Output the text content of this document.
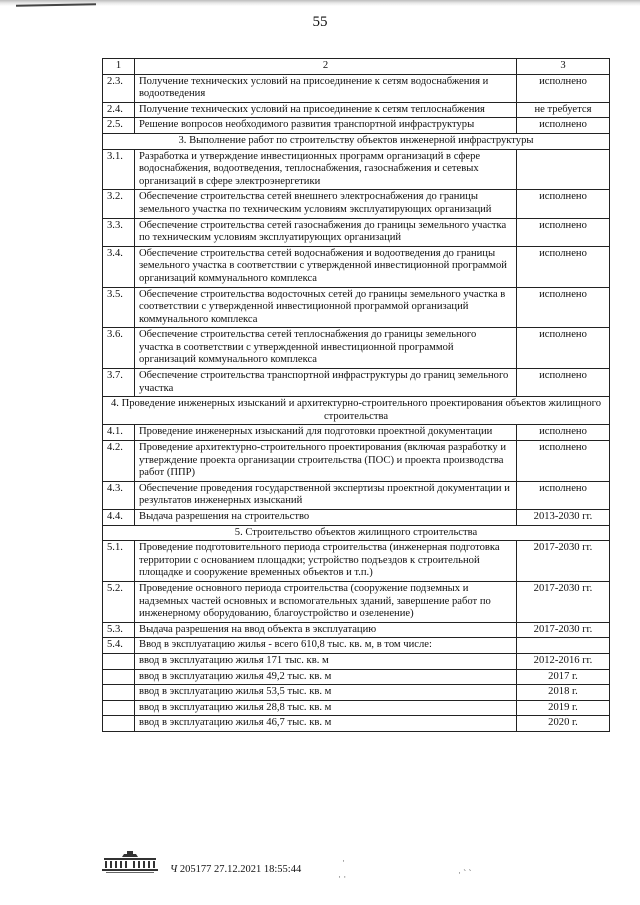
55
1	2	3
2.3.	Получение технических условий на присоединение к сетям водоснабжения и водоотведения	исполнено
2.4.	Получение технических условий на присоединение к сетям теплоснабжения	не требуется
2.5.	Решение вопросов необходимого развития транспортной инфраструктуры	исполнено
3. Выполнение работ по строительству объектов инженерной инфраструктуры		
3.1.	Разработка и утверждение инвестиционных программ организаций в сфере водоснабжения, водоотведения, теплоснабжения, газоснабжения и сетевых организаций в сфере электроэнергетики	
3.2.	Обеспечение строительства сетей внешнего электроснабжения до границы земельного участка по техническим условиям эксплуатирующих организаций	исполнено
3.3.	Обеспечение строительства сетей газоснабжения до границы земельного участка по техническим условиям эксплуатирующих организаций	исполнено
3.4.	Обеспечение строительства сетей водоснабжения и водоотведения до границы земельного участка в соответствии с утвержденной инвестиционной программой организаций коммунального комплекса	исполнено
3.5.	Обеспечение строительства водосточных сетей до границы земельного участка в соответствии с утвержденной инвестиционной программой организаций коммунального комплекса	исполнено
3.6.	Обеспечение строительства сетей теплоснабжения до границы земельного участка в соответствии с утвержденной инвестиционной программой организаций коммунального комплекса	исполнено
3.7.	Обеспечение строительства транспортной инфраструктуры до границ земельного участка	исполнено
4. Проведение инженерных изысканий и архитектурно-строительного проектирования объектов жилищного строительства		
4.1.	Проведение инженерных изысканий для подготовки проектной документации	исполнено
4.2.	Проведение архитектурно-строительного проектирования (включая разработку и утверждение проекта организации строительства (ПОС) и проекта производства работ (ППР)	исполнено
4.3.	Обеспечение проведения государственной экспертизы проектной документации и результатов инженерных изысканий	исполнено
4.4.	Выдача разрешения на строительство	2013-2030 гг.
5. Строительство объектов жилищного строительства		
5.1.	Проведение подготовительного периода строительства (инженерная подготовка территории с основанием площадки; устройство подъездов к строительной площадке и сооружение временных объектов и т.п.)	2017-2030 гг.
5.2.	Проведение основного периода строительства (сооружение подземных и надземных частей основных и вспомогательных зданий, завершение работ по инженерному оборудованию, благоустройство и озеленение)	2017-2030 гг.
5.3.	Выдача разрешения на ввод объекта в эксплуатацию	2017-2030 гг.
5.4.	Ввод в эксплуатацию жилья - всего 610,8 тыс. кв. м, в том числе:	
	ввод в эксплуатацию жилья 171 тыс. кв. м	2012-2016 гг.
	ввод в эксплуатацию жилья 49,2 тыс. кв. м	2017 г.
	ввод в эксплуатацию жилья 53,5 тыс. кв. м	2018 г.
	ввод в эксплуатацию жилья 28,8 тыс. кв. м	2019 г.
	ввод в эксплуатацию жилья 46,7 тыс. кв. м	2020 г.
Ч 205177 27.12.2021 18:55:44
·
· ·	· ˋ ˋ
